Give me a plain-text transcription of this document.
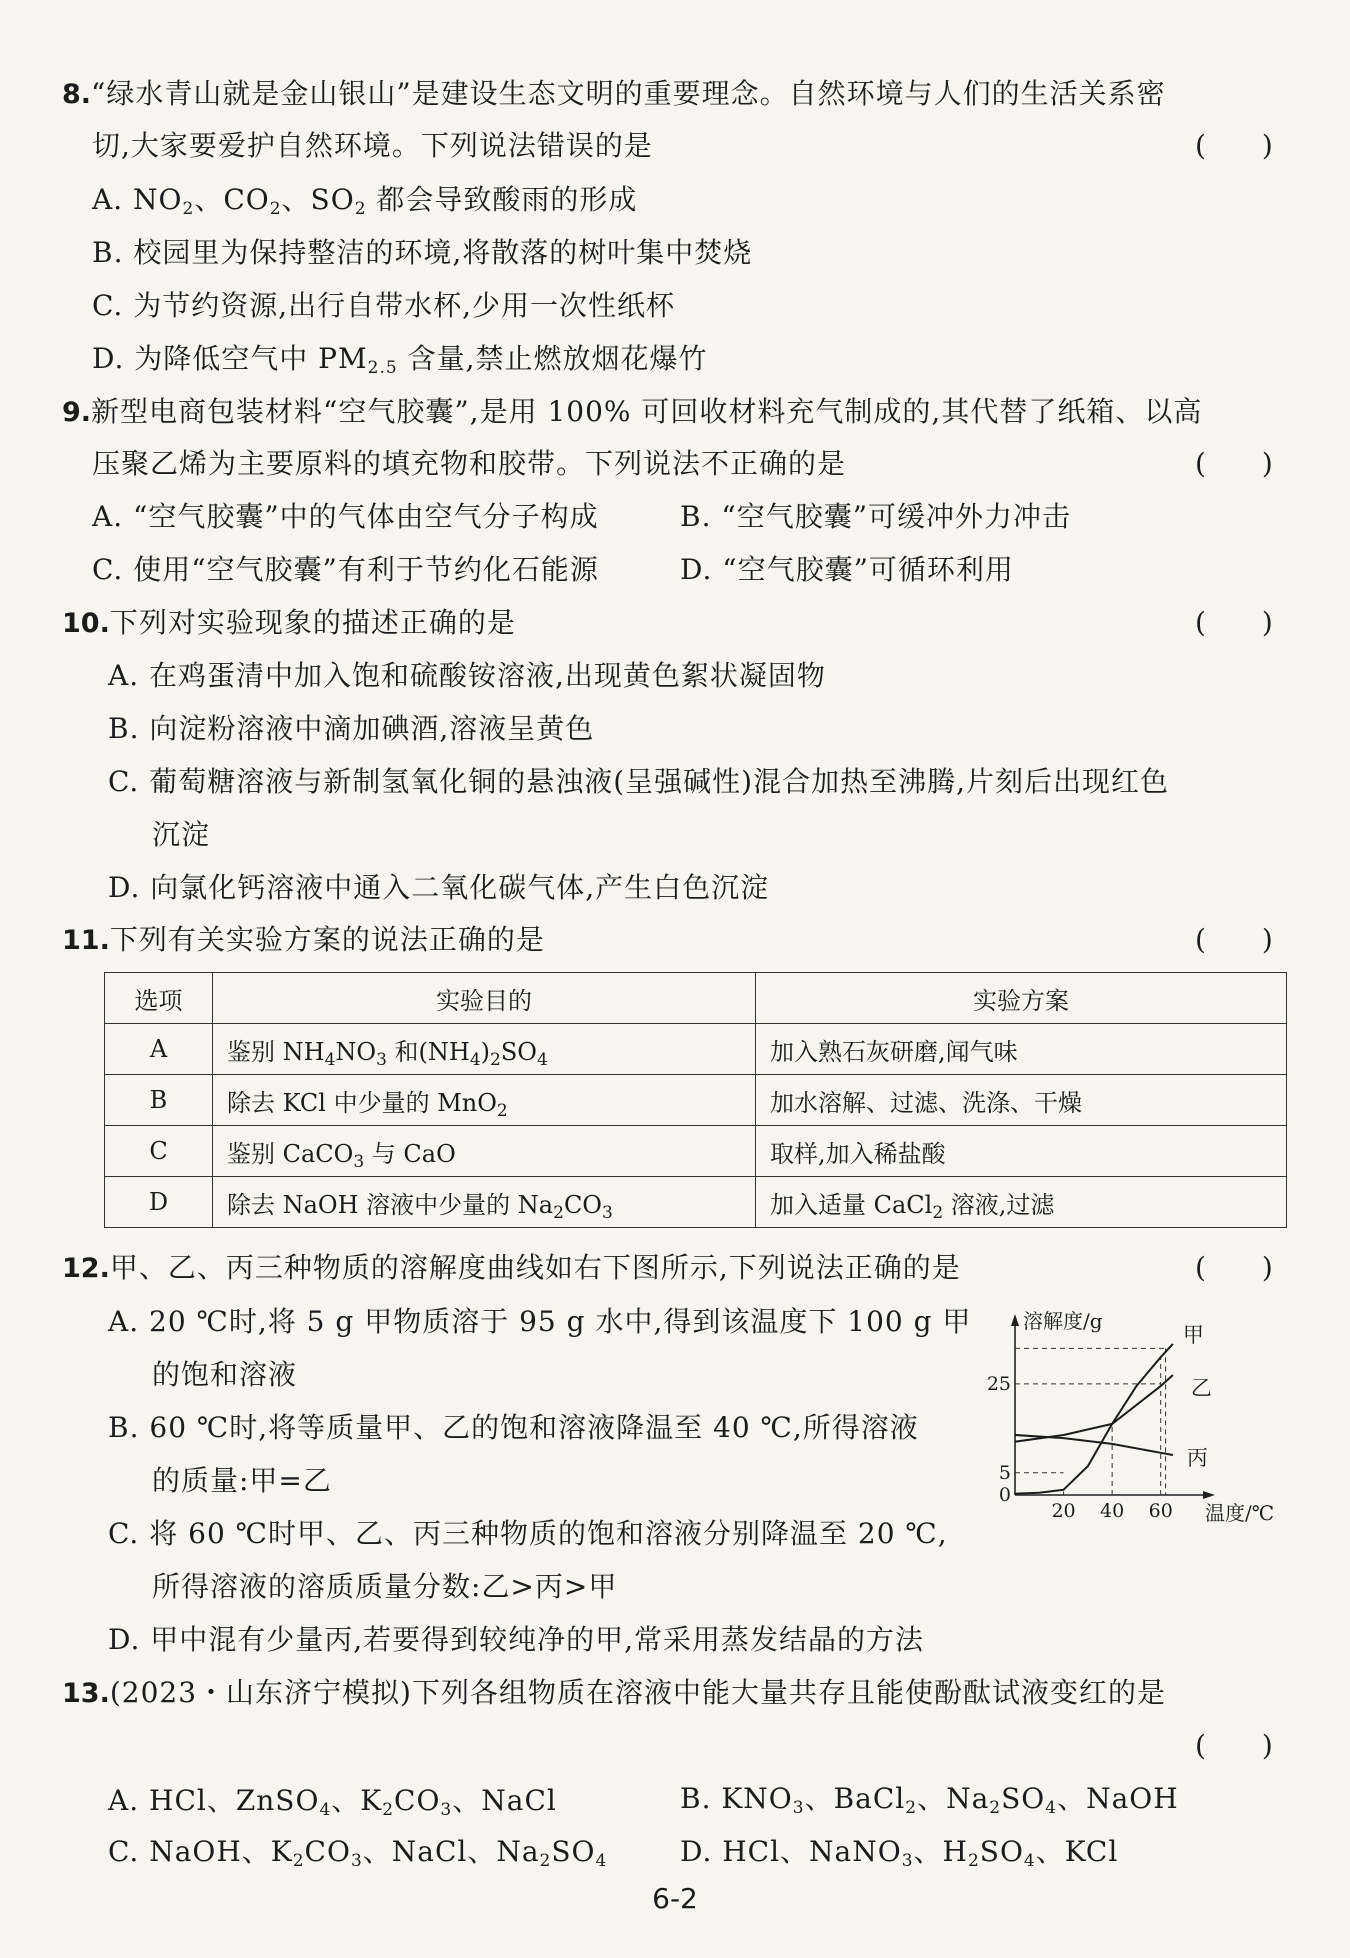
8.“绿水青山就是金山银山”是建设生态文明的重要理念。自然环境与人们的生活关系密
切,大家要爱护自然环境。下列说法错误的是	(　　)
A. $NO_2$、$CO_2$、$SO_2$ 都会导致酸雨的形成
B. 校园里为保持整洁的环境,将散落的树叶集中焚烧
C. 为节约资源,出行自带水杯,少用一次性纸杯
D. 为降低空气中 $PM_{2.5}$ 含量,禁止燃放烟花爆竹
9.新型电商包装材料“空气胶囊”,是用 100% 可回收材料充气制成的,其代替了纸箱、以高
压聚乙烯为主要原料的填充物和胶带。下列说法不正确的是	(　　)
A. “空气胶囊”中的气体由空气分子构成	B. “空气胶囊”可缓冲外力冲击
C. 使用“空气胶囊”有利于节约化石能源	D. “空气胶囊”可循环利用
10.下列对实验现象的描述正确的是	(　　)
A. 在鸡蛋清中加入饱和硫酸铵溶液,出现黄色絮状凝固物
B. 向淀粉溶液中滴加碘酒,溶液呈黄色
C. 葡萄糖溶液与新制氢氧化铜的悬浊液(呈强碱性)混合加热至沸腾,片刻后出现红色
沉淀
D. 向氯化钙溶液中通入二氧化碳气体,产生白色沉淀
11.下列有关实验方案的说法正确的是	(　　)
选项	实验目的	实验方案
A	鉴别 $NH_4NO_3$ 和$(NH_4)_2SO_4$	加入熟石灰研磨,闻气味
B	除去 KCl 中少量的 MnO$_2$	加水溶解、过滤、洗涤、干燥
C	鉴别 CaCO$_3$ 与 CaO	取样,加入稀盐酸
D	除去 NaOH 溶液中少量的 $Na_2CO_3$	加入适量 CaCl$_2$ 溶液,过滤
12.甲、乙、丙三种物质的溶解度曲线如右下图所示,下列说法正确的是	(　　)
A. 20 ℃时,将 5 g 甲物质溶于 95 g 水中,得到该温度下 100 g 甲
的饱和溶液
B. 60 ℃时,将等质量甲、乙的饱和溶液降温至 40 ℃,所得溶液
的质量:甲=乙
C. 将 60 ℃时甲、乙、丙三种物质的饱和溶液分别降温至 20 ℃,
所得溶液的溶质质量分数:乙>丙>甲
D. 甲中混有少量丙,若要得到较纯净的甲,常采用蒸发结晶的方法
溶解度/g
温度/℃
20 40 60
0
5
25
甲
乙
丙
13.(2023・山东济宁模拟)下列各组物质在溶液中能大量共存且能使酚酞试液变红的是
(　　)
A. HCl、ZnSO$_4$、$K_2CO_3$、NaCl	B. $KNO_3$、BaCl$_2$、$Na_2SO_4$、NaOH
C. NaOH、$K_2CO_3$、NaCl、$Na_2SO_4$	D. HCl、NaNO$_3$、$H_2SO_4$、KCl
6-2
